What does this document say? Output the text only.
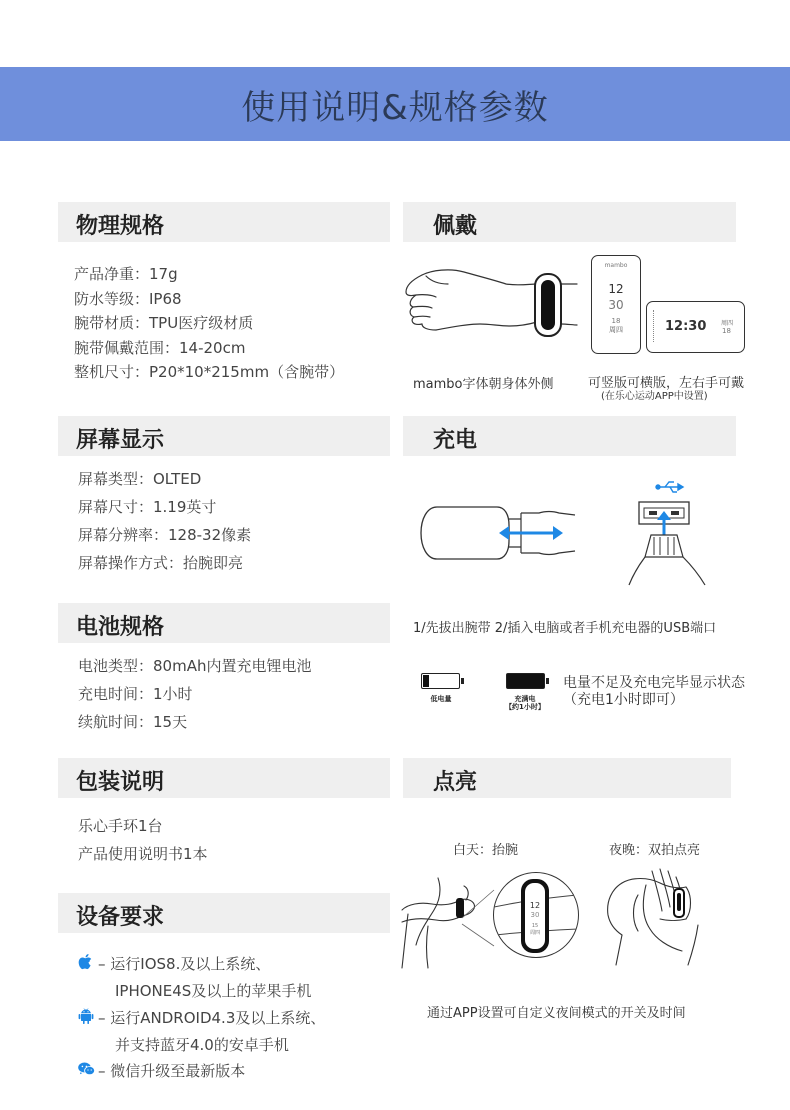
使用说明&规格参数
物理规格
产品净重：17g
防水等级：IP68
腕带材质：TPU医疗级材质
腕带佩戴范围：14-20cm
整机尺寸：P20*10*215mm（含腕带）
屏幕显示
屏幕类型：OLTED
屏幕尺寸：1.19英寸
屏幕分辨率：128-32像素
屏幕操作方式：抬腕即亮
电池规格
电池类型：80mAh内置充电锂电池
充电时间：1小时
续航时间：15天
包装说明
乐心手环1台
产品使用说明书1本
设备要求
– 运行IOS8.及以上系统、
IPHONE4S及以上的苹果手机
– 运行ANDROID4.3及以上系统、
并支持蓝牙4.0的安卓手机
– 微信升级至最新版本
佩戴
mambo
12
30
18
周四	12:30 周四
18
mambo字体朝身体外侧	可竖版可横版，左右手可戴
(在乐心运动APP中设置)
充电
1/先拔出腕带 2/插入电脑或者手机充电器的USB端口
低电量	充满电
【约1小时】
电量不足及充电完毕显示状态
（充电1小时即可）
点亮
白天：抬腕	夜晚：双拍点亮
12
30
15
周四
通过APP设置可自定义夜间模式的开关及时间
